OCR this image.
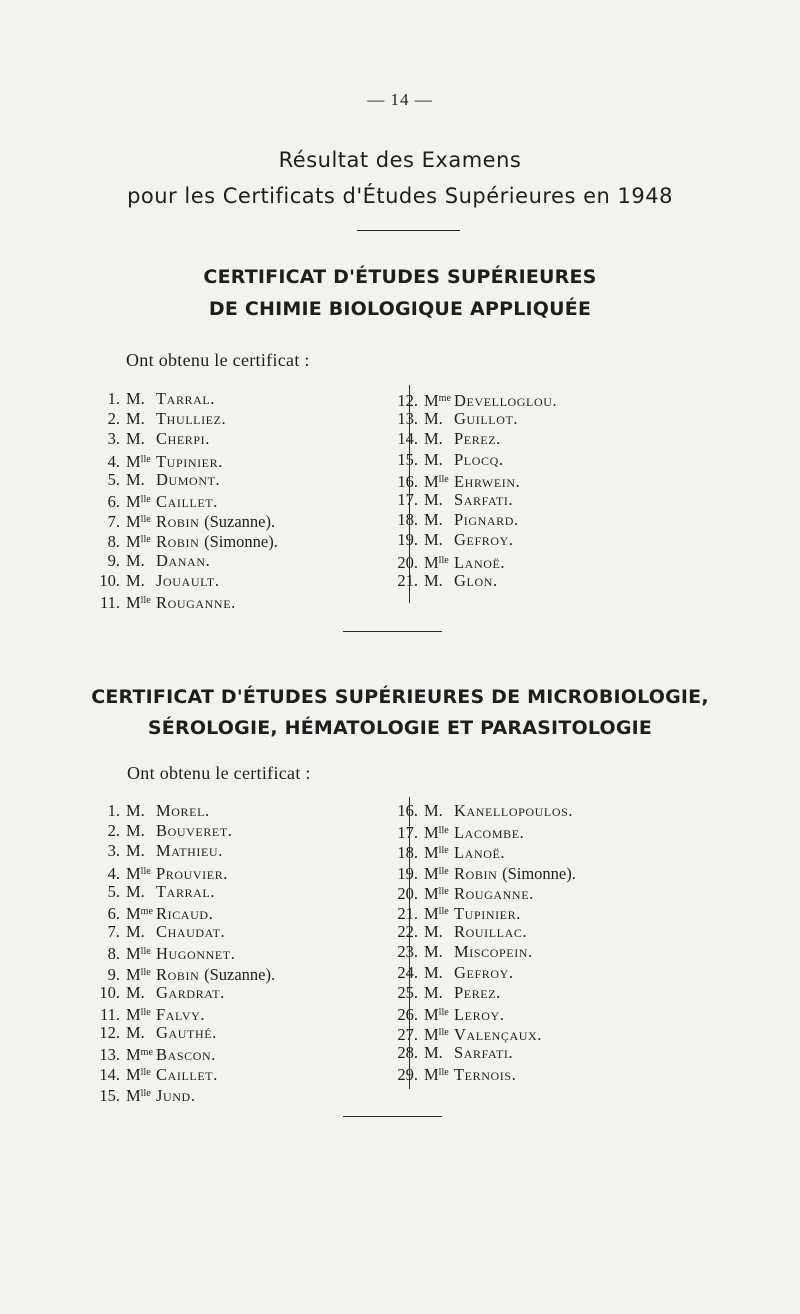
— 14 —
Résultat des Examens
pour les Certificats d'Études Supérieures en 1948
CERTIFICAT D'ÉTUDES SUPÉRIEURES
DE CHIMIE BIOLOGIQUE APPLIQUÉE
Ont obtenu le certificat :
1. M. Tarral.
2. M. Thulliez.
3. M. Cherpi.
4. $M^{lle}$ Tupinier.
5. M. Dumont.
6. $M^{lle}$ Caillet.
7. $M^{lle}$ Robin (Suzanne).
8. $M^{lle}$ Robin (Simonne).
9. M. Danan.
10. M. Jouault.
11. $M^{lle}$ Rouganne.
12. $M^{me}$ Develloglou.
13. M. Guillot.
14. M. Perez.
15. M. Plocq.
16. $M^{lle}$ Ehrwein.
17. M. Sarfati.
18. M. Pignard.
19. M. Gefroy.
20. $M^{lle}$ Lanoë.
21. M. Glon.
CERTIFICAT D'ÉTUDES SUPÉRIEURES DE MICROBIOLOGIE,
SÉROLOGIE, HÉMATOLOGIE ET PARASITOLOGIE
Ont obtenu le certificat :
1. M. Morel.
2. M. Bouveret.
3. M. Mathieu.
4. $M^{lle}$ Prouvier.
5. M. Tarral.
6. $M^{me}$ Ricaud.
7. M. Chaudat.
8. $M^{lle}$ Hugonnet.
9. $M^{lle}$ Robin (Suzanne).
10. M. Gardrat.
11. $M^{lle}$ Falvy.
12. M. Gauthé.
13. $M^{me}$ Bascon.
14. $M^{lle}$ Caillet.
15. $M^{lle}$ Jund.
16. M. Kanellopoulos.
17. $M^{lle}$ Lacombe.
18. $M^{lle}$ Lanoë.
19. $M^{lle}$ Robin (Simonne).
20. $M^{lle}$ Rouganne.
21. $M^{lle}$ Tupinier.
22. M. Rouillac.
23. M. Miscopein.
24. M. Gefroy.
25. M. Perez.
26. $M^{lle}$ Leroy.
27. $M^{lle}$ Valençaux.
28. M. Sarfati.
29. $M^{lle}$ Ternois.
